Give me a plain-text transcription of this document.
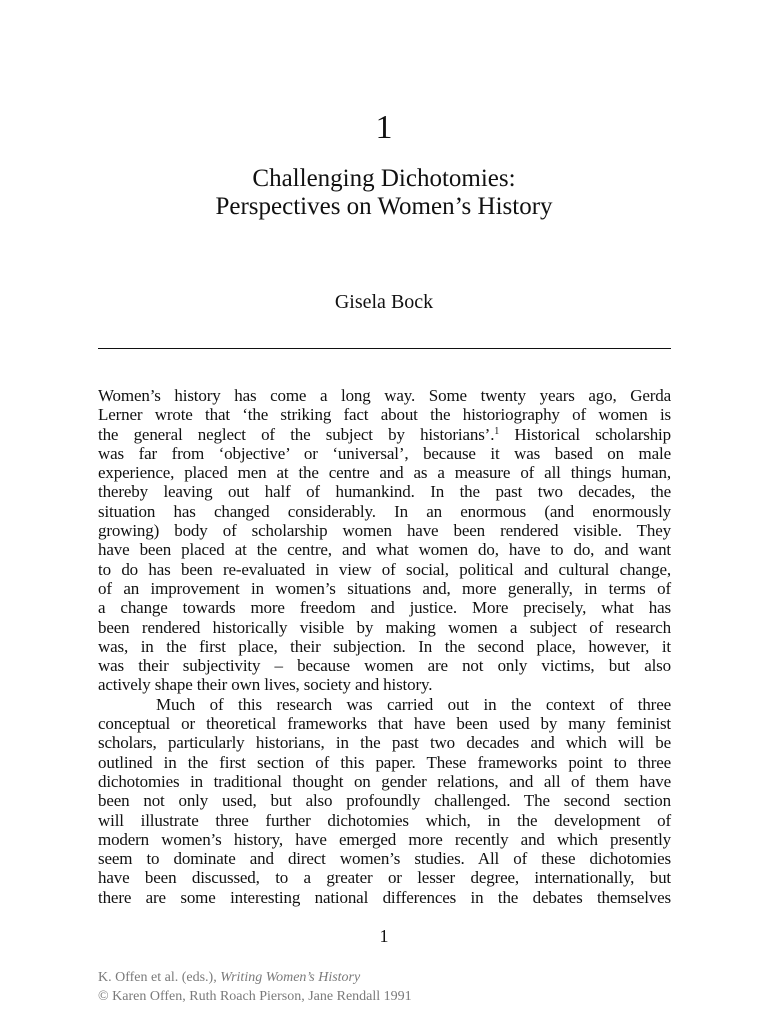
1
Challenging Dichotomies:
Perspectives on Women’s History
Gisela Bock
Women’s history has come a long way. Some twenty years ago, Gerda
Lerner wrote that ‘the striking fact about the historiography of women is
the general neglect of the subject by historians’.$^1$ Historical scholarship
was far from ‘objective’ or ‘universal’, because it was based on male
experience, placed men at the centre and as a measure of all things human,
thereby leaving out half of humankind. In the past two decades, the
situation has changed considerably. In an enormous (and enormously
growing) body of scholarship women have been rendered visible. They
have been placed at the centre, and what women do, have to do, and want
to do has been re-evaluated in view of social, political and cultural change,
of an improvement in women’s situations and, more generally, in terms of
a change towards more freedom and justice. More precisely, what has
been rendered historically visible by making women a subject of research
was, in the first place, their subjection. In the second place, however, it
was their subjectivity – because women are not only victims, but also
actively shape their own lives, society and history.
Much of this research was carried out in the context of three
conceptual or theoretical frameworks that have been used by many feminist
scholars, particularly historians, in the past two decades and which will be
outlined in the first section of this paper. These frameworks point to three
dichotomies in traditional thought on gender relations, and all of them have
been not only used, but also profoundly challenged. The second section
will illustrate three further dichotomies which, in the development of
modern women’s history, have emerged more recently and which presently
seem to dominate and direct women’s studies. All of these dichotomies
have been discussed, to a greater or lesser degree, internationally, but
there are some interesting national differences in the debates themselves
1
K. Offen et al. (eds.), Writing Women’s History
© Karen Offen, Ruth Roach Pierson, Jane Rendall 1991
